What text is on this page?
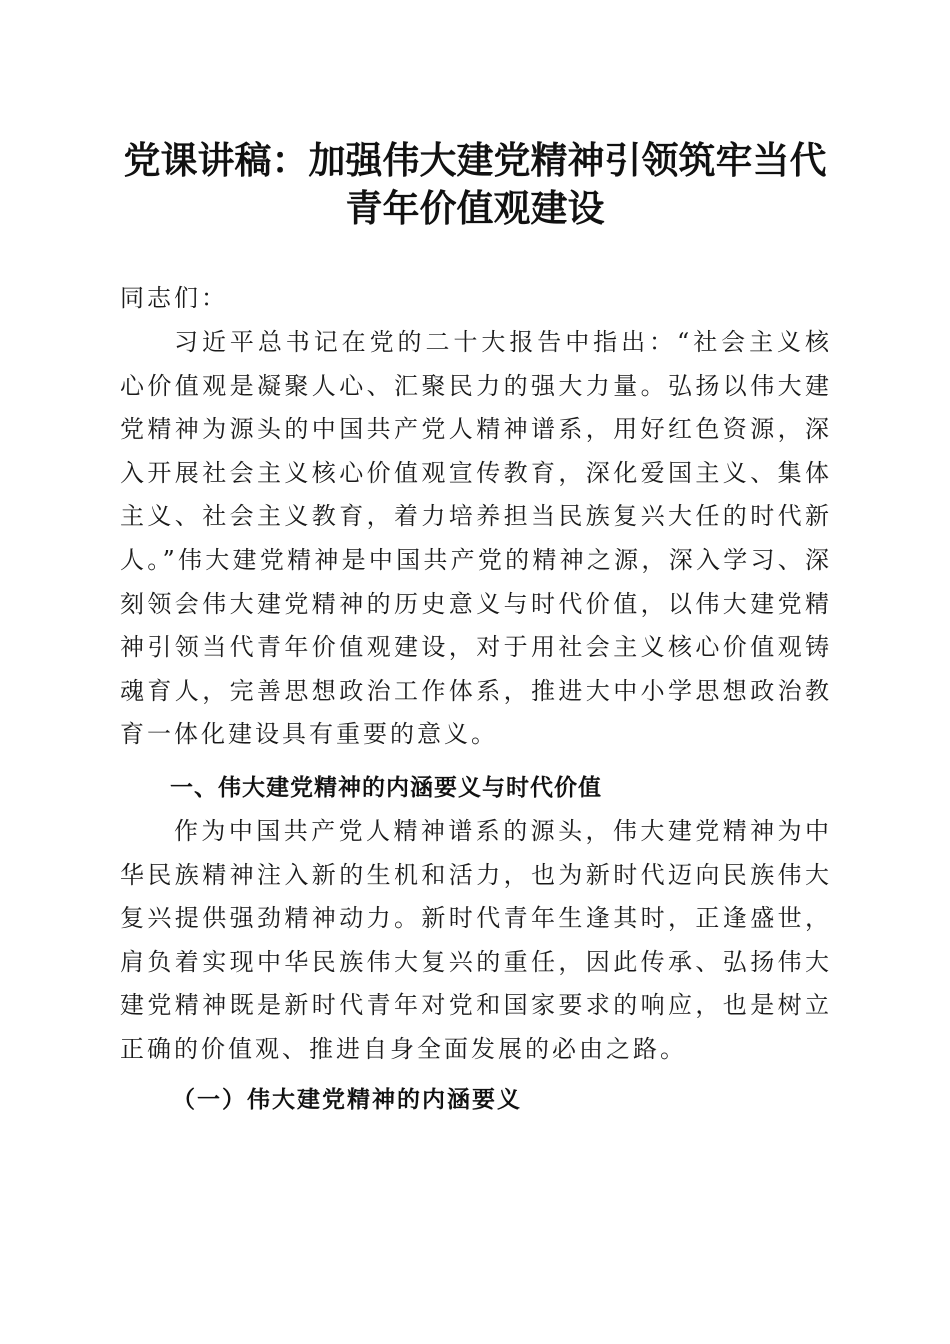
党课讲稿：加强伟大建党精神引领筑牢当代青年价值观建设

同志们：

习近平总书记在党的二十大报告中指出：“社会主义核心价值观是凝聚人心、汇聚民力的强大力量。弘扬以伟大建党精神为源头的中国共产党人精神谱系，用好红色资源，深入开展社会主义核心价值观宣传教育，深化爱国主义、集体主义、社会主义教育，着力培养担当民族复兴大任的时代新人。”伟大建党精神是中国共产党的精神之源，深入学习、深刻领会伟大建党精神的历史意义与时代价值，以伟大建党精神引领当代青年价值观建设，对于用社会主义核心价值观铸魂育人，完善思想政治工作体系，推进大中小学思想政治教育一体化建设具有重要的意义。

一、伟大建党精神的内涵要义与时代价值

作为中国共产党人精神谱系的源头，伟大建党精神为中华民族精神注入新的生机和活力，也为新时代迈向民族伟大复兴提供强劲精神动力。新时代青年生逢其时，正逢盛世，肩负着实现中华民族伟大复兴的重任，因此传承、弘扬伟大建党精神既是新时代青年对党和国家要求的响应，也是树立正确的价值观、推进自身全面发展的必由之路。

（一）伟大建党精神的内涵要义
